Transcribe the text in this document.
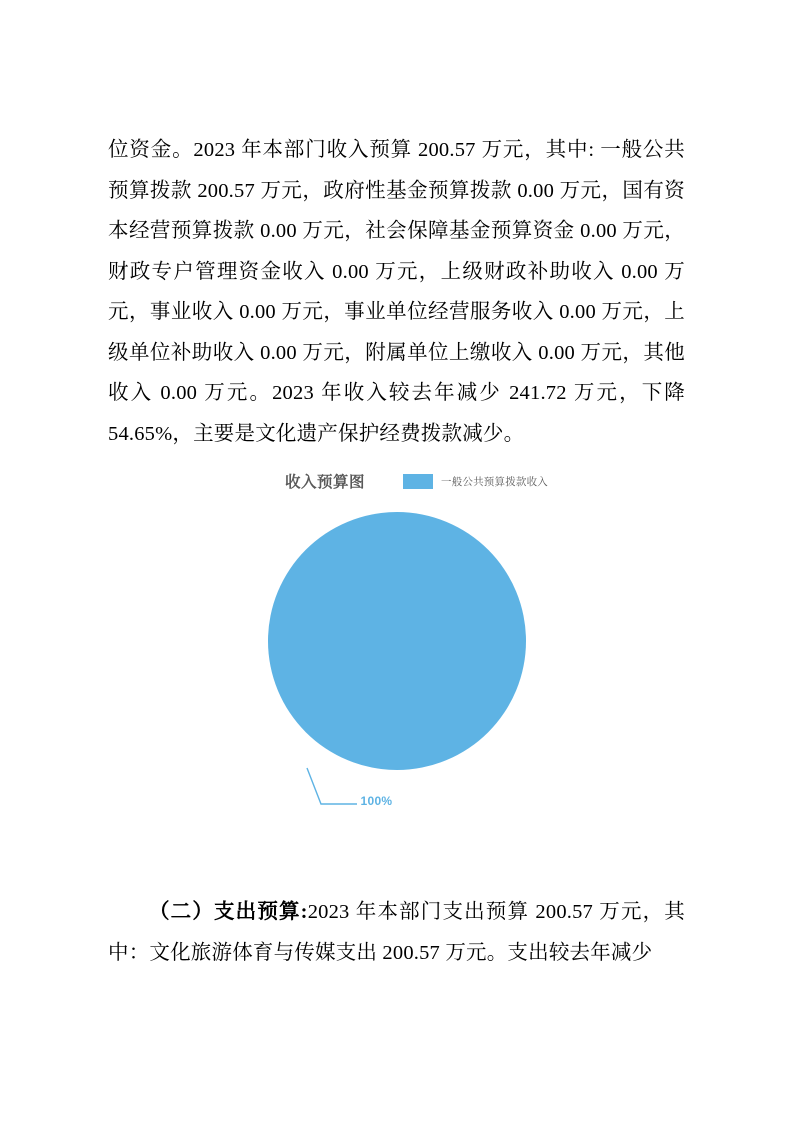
位资金。2023 年本部门收入预算 200.57 万元，其中: 一般公共预算拨款 200.57 万元，政府性基金预算拨款 0.00 万元，国有资本经营预算拨款 0.00 万元，社会保障基金预算资金 0.00 万元，财政专户管理资金收入 0.00 万元，上级财政补助收入 0.00 万元，事业收入 0.00 万元，事业单位经营服务收入 0.00 万元，上级单位补助收入 0.00 万元，附属单位上缴收入 0.00 万元，其他收入 0.00 万元。2023 年收入较去年减少 241.72 万元，下降 54.65%，主要是文化遗产保护经费拨款减少。

收入预算图	一般公共预算拨款收入
100%

（二）支出预算:2023 年本部门支出预算 200.57 万元，其中：文化旅游体育与传媒支出 200.57 万元。支出较去年减少
